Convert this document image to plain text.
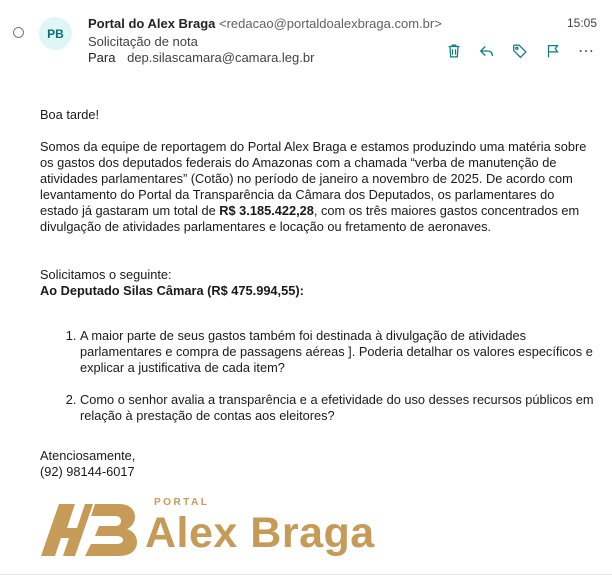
PB
Portal do Alex Braga <redacao@portaldoalexbraga.com.br>
Solicitação de nota
Para dep.silascamara@camara.leg.br
15:05
⋯

Boa tarde!

Somos da equipe de reportagem do Portal Alex Braga e estamos produzindo uma matéria sobre os gastos dos deputados federais do Amazonas com a chamada “verba de manutenção de atividades parlamentares” (Cotão) no período de janeiro a novembro de 2025. De acordo com levantamento do Portal da Transparência da Câmara dos Deputados, os parlamentares do estado já gastaram um total de R$ 3.185.422,28, com os três maiores gastos concentrados em divulgação de atividades parlamentares e locação ou fretamento de aeronaves.

Solicitamos o seguinte:

Ao Deputado Silas Câmara (R$ 475.994,55):

1. A maior parte de seus gastos também foi destinada à divulgação de atividades parlamentares e compra de passagens aéreas ]. Poderia detalhar os valores específicos e explicar a justificativa de cada item?
2. Como o senhor avalia a transparência e a efetividade do uso desses recursos públicos em relação à prestação de contas aos eleitores?

Atenciosamente,

(92) 98144-6017

PORTAL
Alex Braga
